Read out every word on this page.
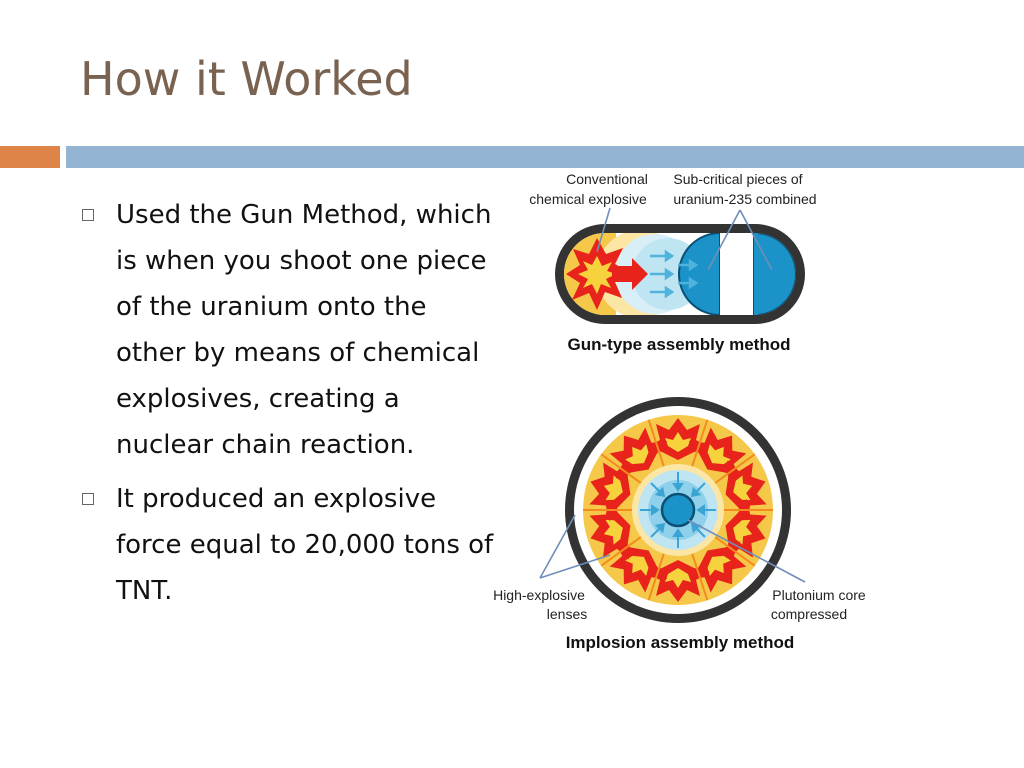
How it Worked
Used the Gun Method, which is when you shoot one piece of the uranium onto the other by means of chemical explosives, creating a nuclear chain reaction.
It produced an explosive force equal to 20,000 tons of TNT.
Conventional
chemical explosive
Sub-critical pieces of
uranium-235 combined
Gun-type assembly method
High-explosive
lenses
Plutonium core
compressed
Implosion assembly method
